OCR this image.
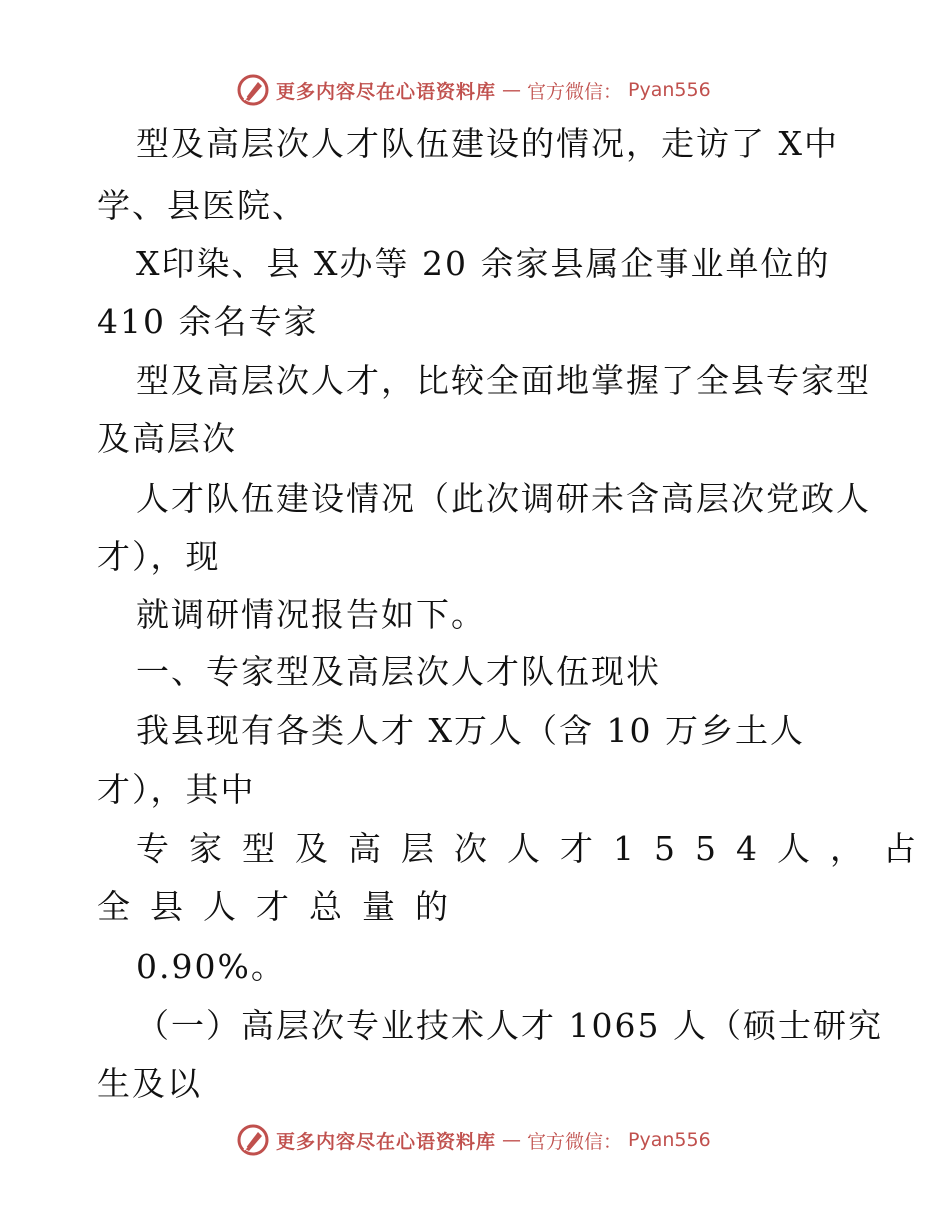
更多内容尽在心语资料库 — 官方微信： Pyan556
型及高层次人才队伍建设的情况，走访了 X中
学、县医院、
X印染、县 X办等 20 余家县属企事业单位的
410 余名专家
型及高层次人才，比较全面地掌握了全县专家型
及高层次
人才队伍建设情况（此次调研未含高层次党政人
才），现
就调研情况报告如下。
一、专家型及高层次人才队伍现状
我县现有各类人才 X万人（含 10 万乡土人
才），其中
专家型及高层次人才1554人，占
全县人才总量的
0.90%。
（一）高层次专业技术人才 1065 人（硕士研究
生及以
更多内容尽在心语资料库 — 官方微信： Pyan556
